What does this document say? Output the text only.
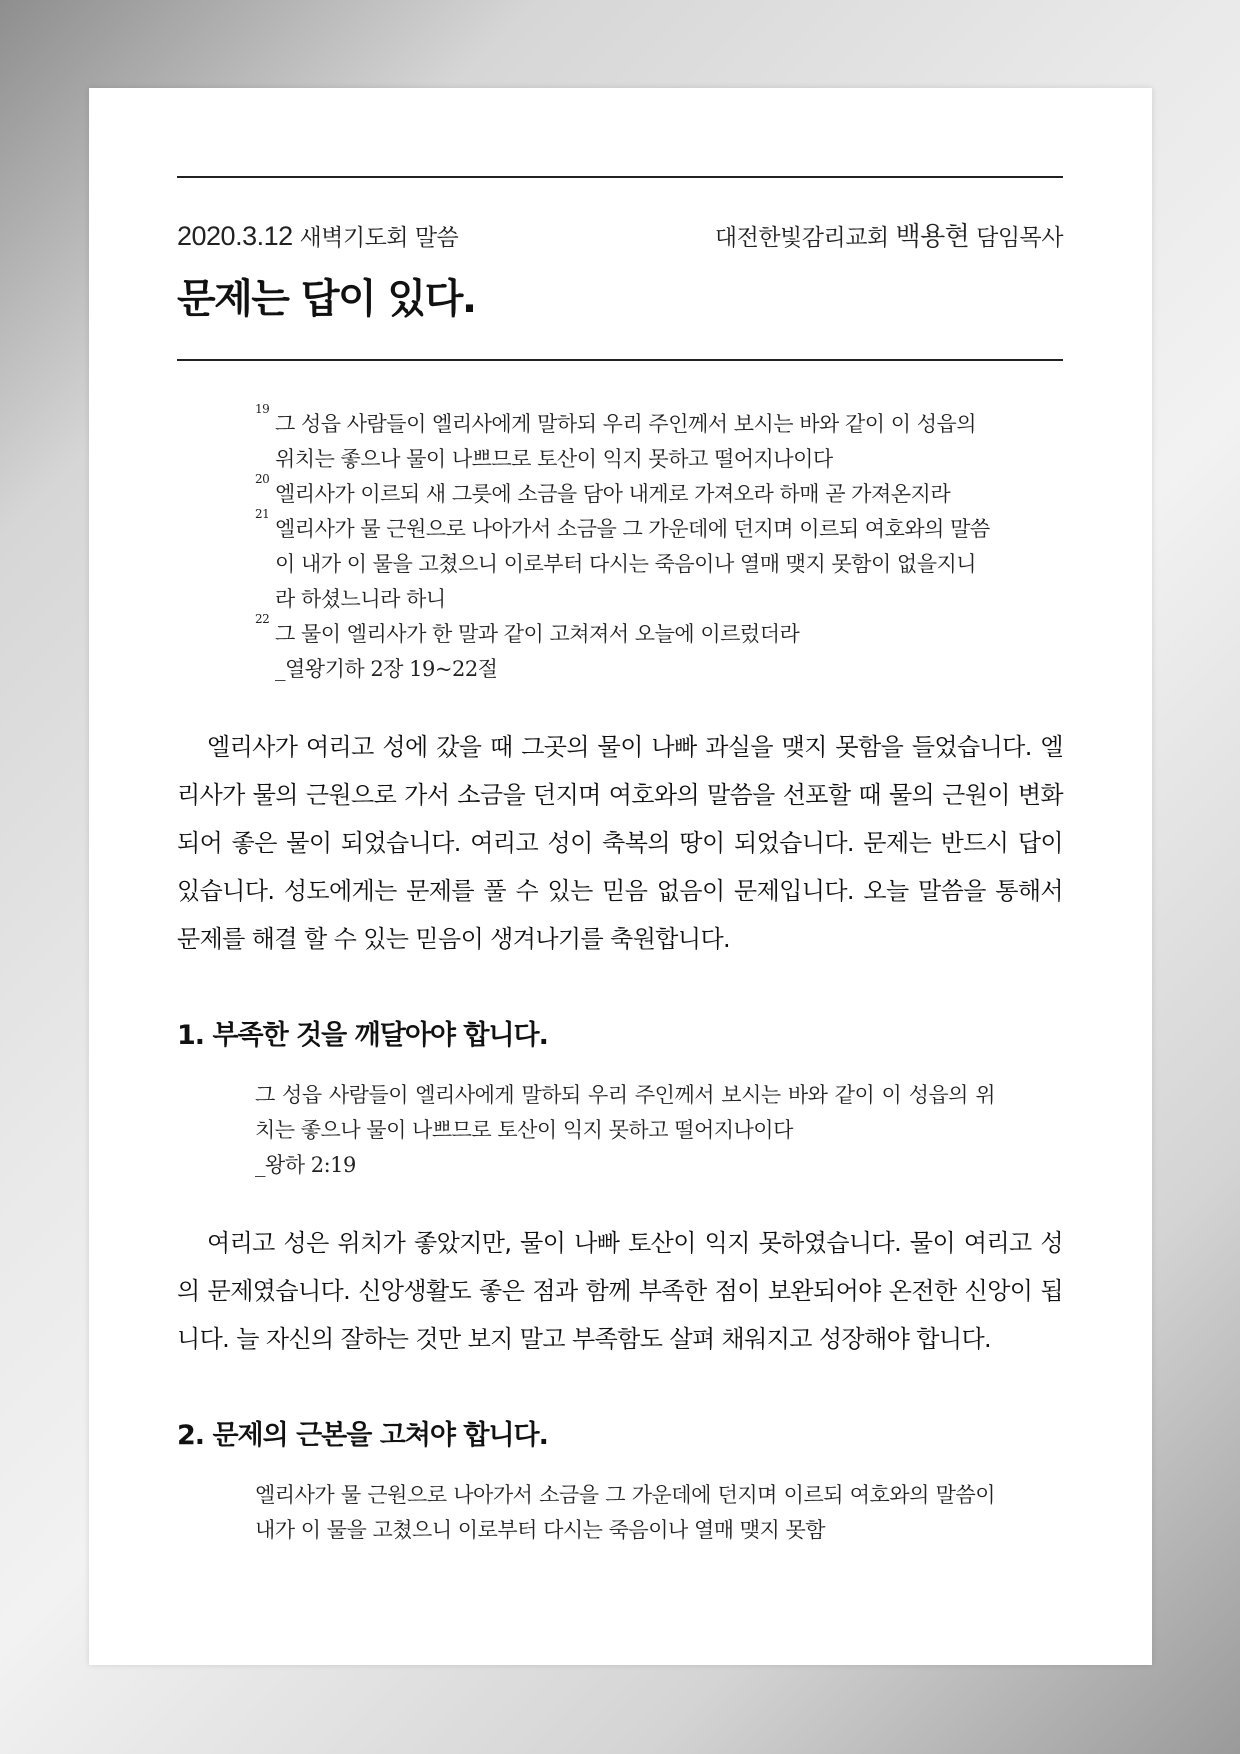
2020.3.12 새벽기도회 말씀	대전한빛감리교회 백용현 담임목사
문제는 답이 있다.
19
그 성읍 사람들이 엘리사에게 말하되 우리 주인께서 보시는 바와 같이 이 성읍의 위치는 좋으나 물이 나쁘므로 토산이 익지 못하고 떨어지나이다
20
엘리사가 이르되 새 그릇에 소금을 담아 내게로 가져오라 하매 곧 가져온지라
21
엘리사가 물 근원으로 나아가서 소금을 그 가운데에 던지며 이르되 여호와의 말씀이 내가 이 물을 고쳤으니 이로부터 다시는 죽음이나 열매 맺지 못함이 없을지니라 하셨느니라 하니
22
그 물이 엘리사가 한 말과 같이 고쳐져서 오늘에 이르렀더라
_열왕기하 2장 19~22절

엘리사가 여리고 성에 갔을 때 그곳의 물이 나빠 과실을 맺지 못함을 들었습니다. 엘리사가 물의 근원으로 가서 소금을 던지며 여호와의 말씀을 선포할 때 물의 근원이 변화되어 좋은 물이 되었습니다. 여리고 성이 축복의 땅이 되었습니다. 문제는 반드시 답이 있습니다. 성도에게는 문제를 풀 수 있는 믿음 없음이 문제입니다. 오늘 말씀을 통해서 문제를 해결 할 수 있는 믿음이 생겨나기를 축원합니다.

1. 부족한 것을 깨달아야 합니다.
그 성읍 사람들이 엘리사에게 말하되 우리 주인께서 보시는 바와 같이 이 성읍의 위치는 좋으나 물이 나쁘므로 토산이 익지 못하고 떨어지나이다
_왕하 2:19

여리고 성은 위치가 좋았지만, 물이 나빠 토산이 익지 못하였습니다. 물이 여리고 성의 문제였습니다. 신앙생활도 좋은 점과 함께 부족한 점이 보완되어야 온전한 신앙이 됩니다. 늘 자신의 잘하는 것만 보지 말고 부족함도 살펴 채워지고 성장해야 합니다.

2. 문제의 근본을 고쳐야 합니다.
엘리사가 물 근원으로 나아가서 소금을 그 가운데에 던지며 이르되 여호와의 말씀이 내가 이 물을 고쳤으니 이로부터 다시는 죽음이나 열매 맺지 못함
